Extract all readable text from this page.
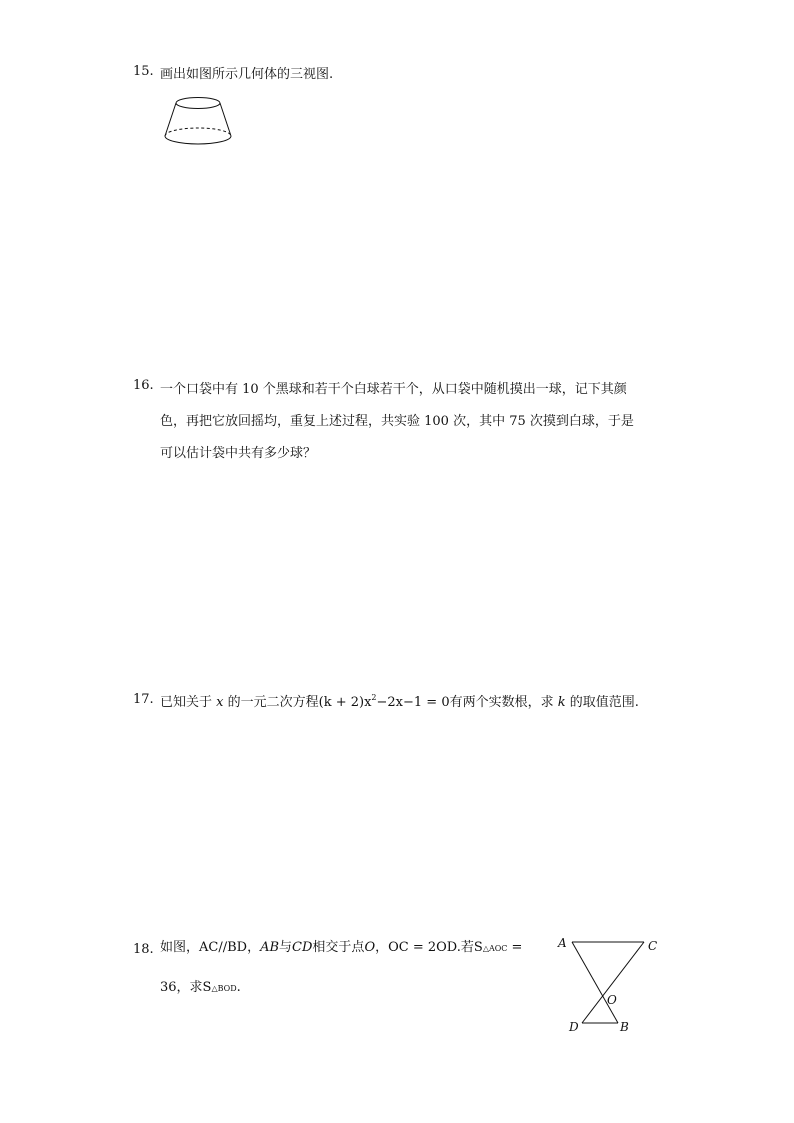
15. 画出如图所示几何体的三视图.
16. 一个口袋中有 10 个黑球和若干个白球若干个，从口袋中随机摸出一球，记下其颜
色，再把它放回摇均，重复上述过程，共实验 100 次，其中 75 次摸到白球，于是
可以估计袋中共有多少球？
17. 已知关于 x 的一元二次方程$(k + 2)x^2-2x-1 = 0$有两个实数根，求 k 的取值范围.
18. 如图，AC//BD，AB与CD相交于点O，OC = 2OD.若S△AOC =
36，求S△BOD.
A	C
O
D	B
